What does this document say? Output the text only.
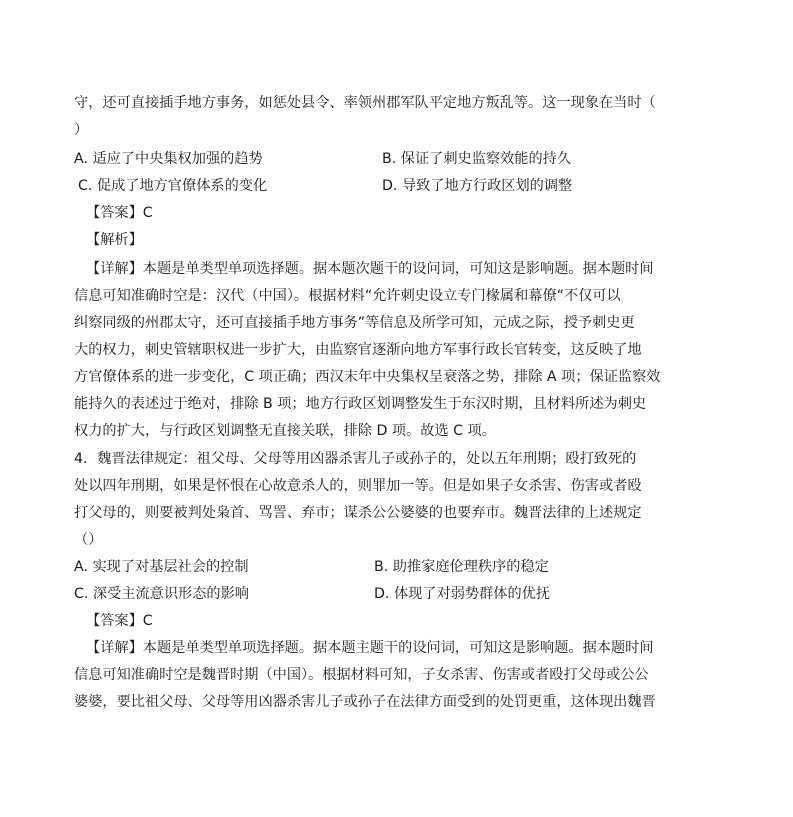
守，还可直接插手地方事务，如惩处县令、率领州郡军队平定地方叛乱等。这一现象在当时（
）
A. 适应了中央集权加强的趋势	B. 保证了刺史监察效能的持久
C. 促成了地方官僚体系的变化	D. 导致了地方行政区划的调整
【答案】C
【解析】
【详解】本题是单类型单项选择题。据本题次题干的设问词，可知这是影响题。据本题时间
信息可知准确时空是：汉代（中国）。根据材料“允许刺史设立专门椽属和幕僚“不仅可以
纠察同级的州郡太守，还可直接插手地方事务”等信息及所学可知，元成之际，授予刺史更
大的权力，刺史管辖职权进一步扩大，由监察官逐渐向地方军事行政长官转变，这反映了地
方官僚体系的进一步变化，C 项正确；西汉末年中央集权呈衰落之势，排除 A 项；保证监察效
能持久的表述过于绝对，排除 B 项；地方行政区划调整发生于东汉时期，且材料所述为刺史
权力的扩大，与行政区划调整无直接关联，排除 D 项。故选 C 项。
4．魏晋法律规定：祖父母、父母等用凶器杀害儿子或孙子的，处以五年刑期；殴打致死的
处以四年刑期，如果是怀恨在心故意杀人的，则罪加一等。但是如果子女杀害、伤害或者殴
打父母的，则要被判处枭首、骂詈、弃市；谋杀公公婆婆的也要弃市。魏晋法律的上述规定
（）
A. 实现了对基层社会的控制	B. 助推家庭伦理秩序的稳定
C. 深受主流意识形态的影响	D. 体现了对弱势群体的优抚
【答案】C
【详解】本题是单类型单项选择题。据本题主题干的设问词，可知这是影响题。据本题时间
信息可知准确时空是魏晋时期（中国）。根据材料可知，子女杀害、伤害或者殴打父母或公公
婆婆，要比祖父母、父母等用凶器杀害儿子或孙子在法律方面受到的处罚更重，这体现出魏晋
